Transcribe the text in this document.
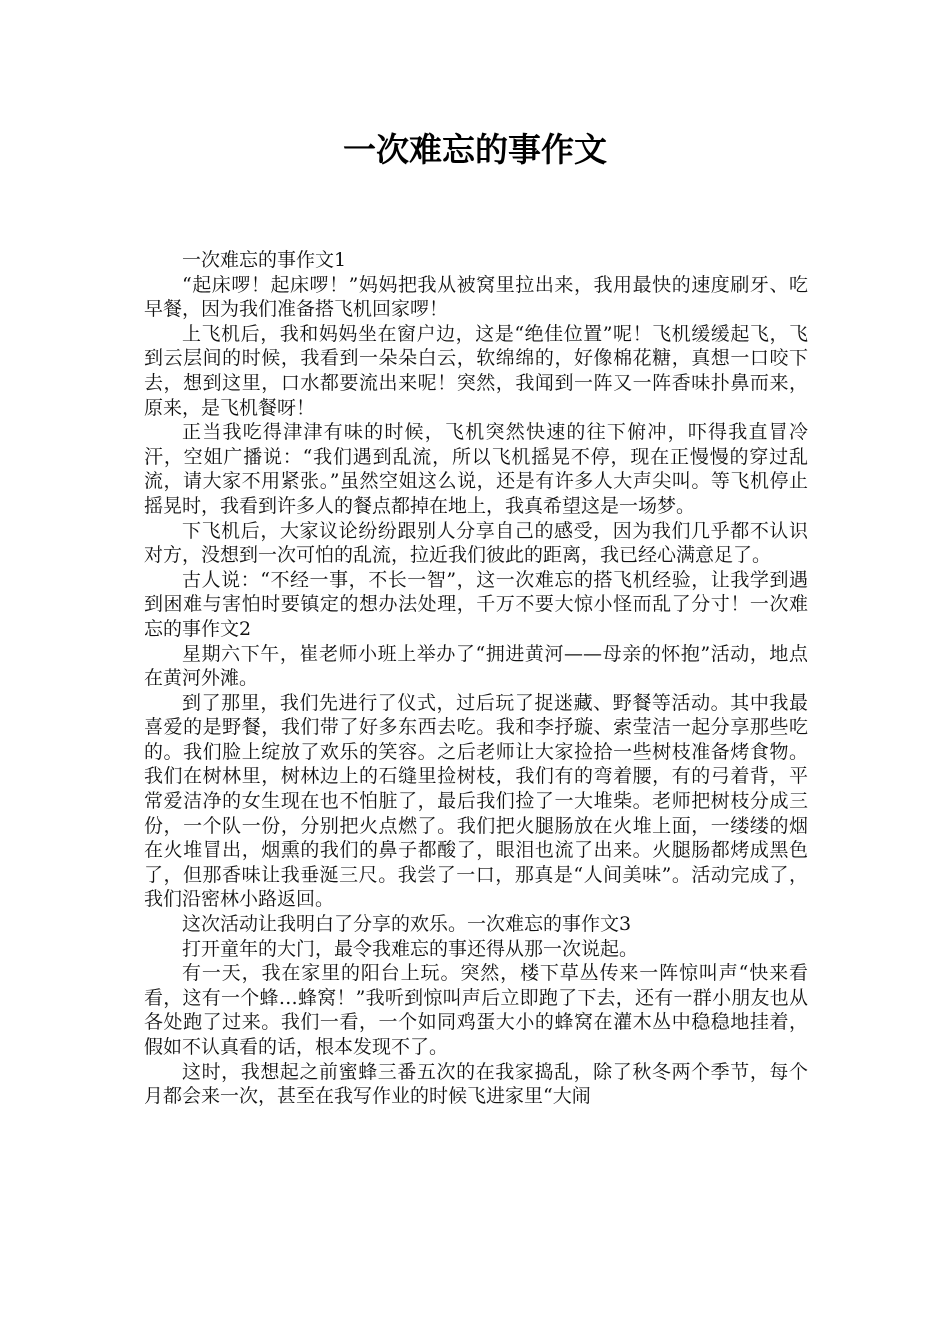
一次难忘的事作文

一次难忘的事作文1

“起床啰！起床啰！”妈妈把我从被窝里拉出来，我用最快的速度刷牙、吃早餐，因为我们准备搭飞机回家啰！

上飞机后，我和妈妈坐在窗户边，这是“绝佳位置”呢！飞机缓缓起飞，飞到云层间的时候，我看到一朵朵白云，软绵绵的，好像棉花糖，真想一口咬下去，想到这里，口水都要流出来呢！突然，我闻到一阵又一阵香味扑鼻而来，原来，是飞机餐呀！

正当我吃得津津有味的时候，飞机突然快速的往下俯冲，吓得我直冒冷汗，空姐广播说：“我们遇到乱流，所以飞机摇晃不停，现在正慢慢的穿过乱流，请大家不用紧张。”虽然空姐这么说，还是有许多人大声尖叫。等飞机停止摇晃时，我看到许多人的餐点都掉在地上，我真希望这是一场梦。

下飞机后，大家议论纷纷跟别人分享自己的感受，因为我们几乎都不认识对方，没想到一次可怕的乱流，拉近我们彼此的距离，我已经心满意足了。

古人说：“不经一事，不长一智”，这一次难忘的搭飞机经验，让我学到遇到困难与害怕时要镇定的想办法处理，千万不要大惊小怪而乱了分寸！一次难忘的事作文2

星期六下午，崔老师小班上举办了“拥进黄河——母亲的怀抱”活动，地点在黄河外滩。

到了那里，我们先进行了仪式，过后玩了捉迷藏、野餐等活动。其中我最喜爱的是野餐，我们带了好多东西去吃。我和李抒璇、索莹洁一起分享那些吃的。我们脸上绽放了欢乐的笑容。之后老师让大家捡拾一些树枝准备烤食物。我们在树林里，树林边上的石缝里捡树枝，我们有的弯着腰，有的弓着背，平常爱洁净的女生现在也不怕脏了，最后我们捡了一大堆柴。老师把树枝分成三份，一个队一份，分别把火点燃了。我们把火腿肠放在火堆上面，一缕缕的烟在火堆冒出，烟熏的我们的鼻子都酸了，眼泪也流了出来。火腿肠都烤成黑色了，但那香味让我垂涎三尺。我尝了一口，那真是“人间美味”。活动完成了，我们沿密林小路返回。

这次活动让我明白了分享的欢乐。一次难忘的事作文3

打开童年的大门，最令我难忘的事还得从那一次说起。

有一天，我在家里的阳台上玩。突然，楼下草丛传来一阵惊叫声“快来看看，这有一个蜂…蜂窝！”我听到惊叫声后立即跑了下去，还有一群小朋友也从各处跑了过来。我们一看，一个如同鸡蛋大小的蜂窝在灌木丛中稳稳地挂着，假如不认真看的话，根本发现不了。

这时，我想起之前蜜蜂三番五次的在我家捣乱，除了秋冬两个季节，每个月都会来一次，甚至在我写作业的时候飞进家里“大闹
